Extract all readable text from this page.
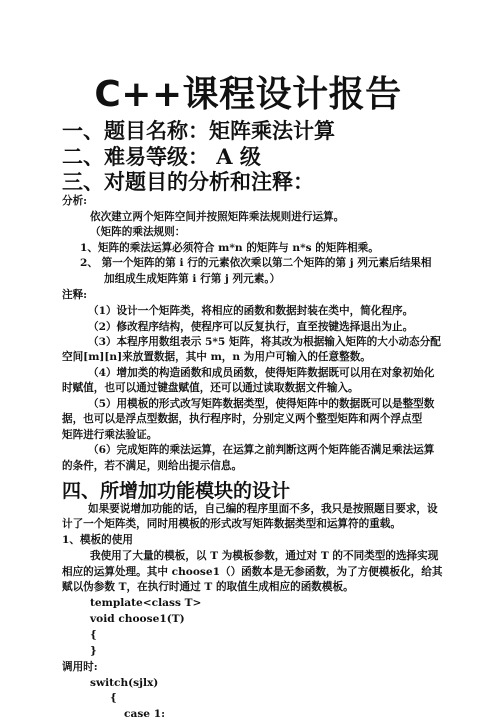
C++课程设计报告
一、题目名称：矩阵乘法计算
二、难易等级： A 级
三、对题目的分析和注释：
分析:
依次建立两个矩阵空间并按照矩阵乘法规则进行运算。
（矩阵的乘法规则：
1、矩阵的乘法运算必须符合 m*n 的矩阵与 n*s 的矩阵相乘。
2、 第一个矩阵的第 i 行的元素依次乘以第二个矩阵的第 j 列元素后结果相
加组成生成矩阵第 i 行第 j 列元素。）
注释:
（1）设计一个矩阵类，将相应的函数和数据封装在类中，简化程序。
（2）修改程序结构，使程序可以反复执行，直至按键选择退出为止。
（3）本程序用数组表示 5*5 矩阵，将其改为根据输入矩阵的大小动态分配
空间[m][n]来放置数据，其中 m，n 为用户可输入的任意整数。
（4）增加类的构造函数和成员函数，使得矩阵数据既可以用在对象初始化
时赋值，也可以通过键盘赋值，还可以通过读取数据文件输入。
（5）用模板的形式改写矩阵数据类型，使得矩阵中的数据既可以是整型数
据，也可以是浮点型数据，执行程序时，分别定义两个整型矩阵和两个浮点型
矩阵进行乘法验证。
（6）完成矩阵的乘法运算，在运算之前判断这两个矩阵能否满足乘法运算
的条件，若不满足，则给出提示信息。
四、所增加功能模块的设计
如果要说增加功能的话，自己编的程序里面不多，我只是按照题目要求，设
计了一个矩阵类，同时用模板的形式改写矩阵数据类型和运算符的重载。
1、模板的使用
我使用了大量的模板，以 T 为模板参数，通过对 T 的不同类型的选择实现
相应的运算处理。其中 choose1（）函数本是无参函数，为了方便模板化，给其
赋以伪参数 T，在执行时通过 T 的取值生成相应的函数模板。
template<class T>
void choose1(T)
{
}
调用时:
switch(sjlx)
{
case 1:
